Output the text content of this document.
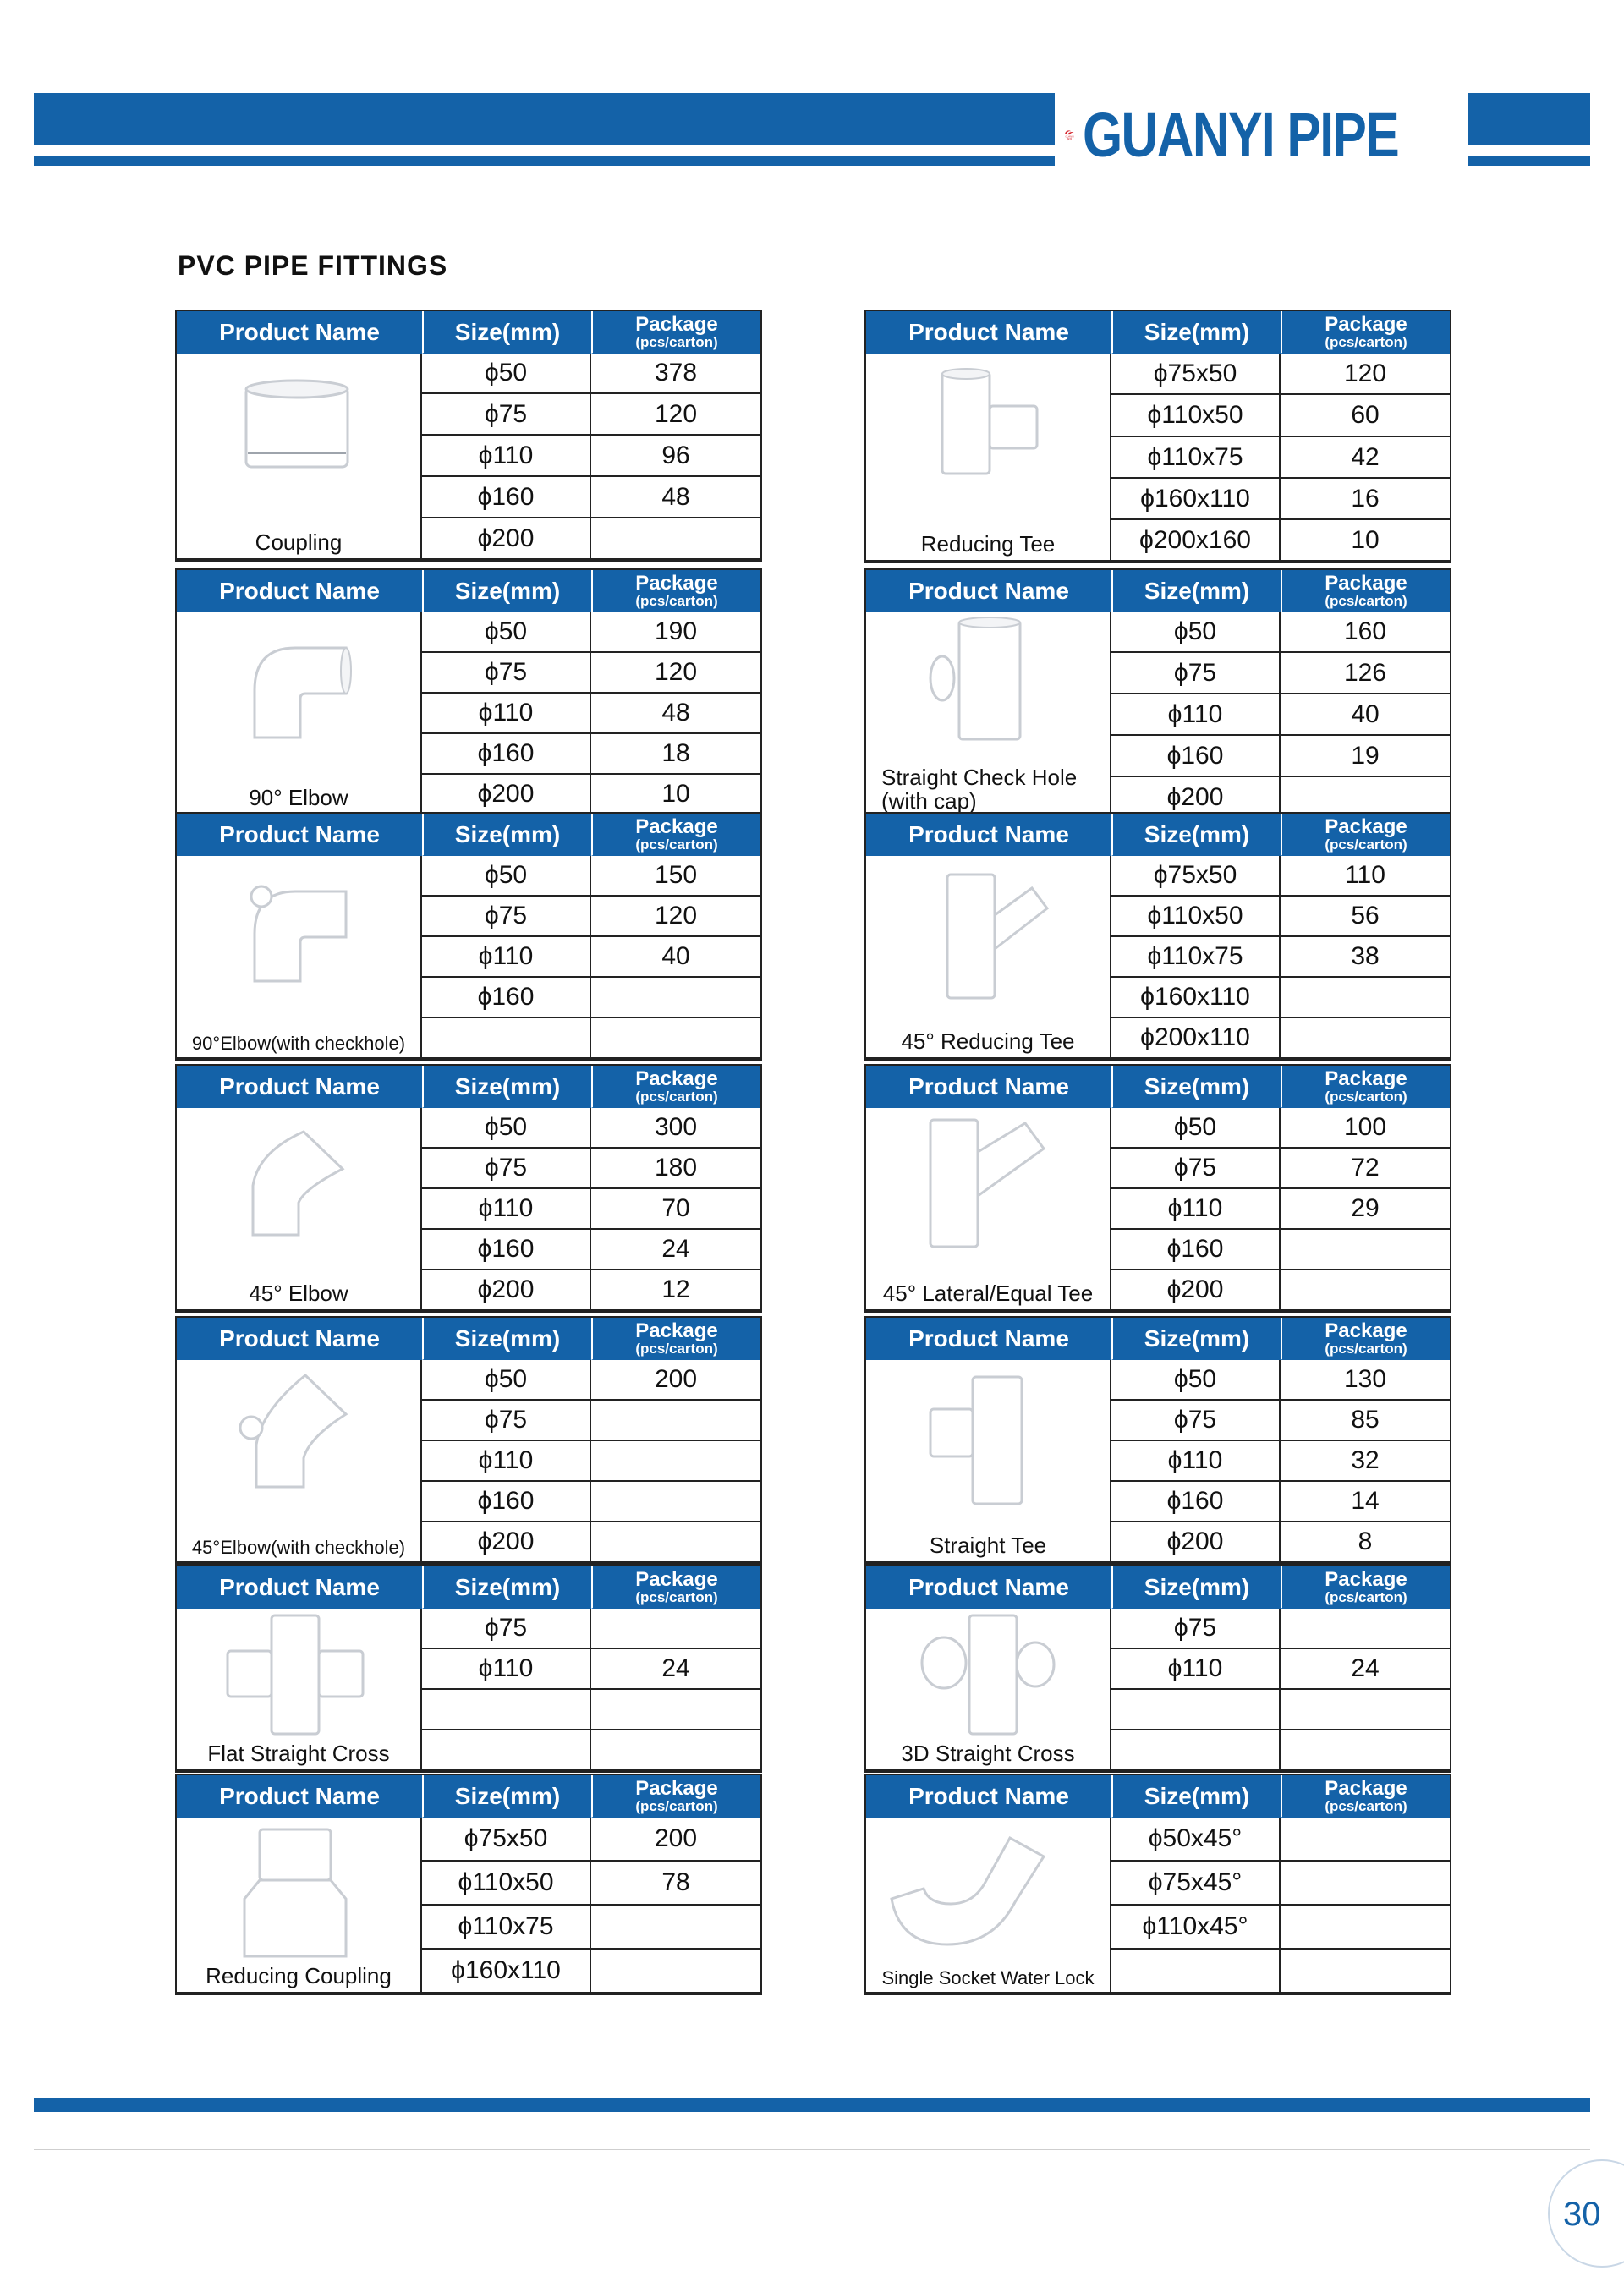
GUANYI
冠益 GUANYI PIPE
PVC PIPE FITTINGS
Product Name	Size(mm)	Package
(pcs/carton)
Coupling
ϕ50	378
ϕ75	120
ϕ110	96
ϕ160	48
ϕ200
Product Name	Size(mm)	Package
(pcs/carton)
Reducing Tee
ϕ75x50	120
ϕ110x50	60
ϕ110x75	42
ϕ160x110	16
ϕ200x160	10
Product Name	Size(mm)	Package
(pcs/carton)
90° Elbow
ϕ50	190
ϕ75	120
ϕ110	48
ϕ160	18
ϕ200	10
Product Name	Size(mm)	Package
(pcs/carton)
Straight Check Hole
(with cap)
ϕ50	160
ϕ75	126
ϕ110	40
ϕ160	19
ϕ200
Product Name	Size(mm)	Package
(pcs/carton)
90°Elbow(with checkhole)
ϕ50	150
ϕ75	120
ϕ110	40
ϕ160
Product Name	Size(mm)	Package
(pcs/carton)
45° Reducing Tee
ϕ75x50	110
ϕ110x50	56
ϕ110x75	38
ϕ160x110
ϕ200x110
Product Name	Size(mm)	Package
(pcs/carton)
45° Elbow
ϕ50	300
ϕ75	180
ϕ110	70
ϕ160	24
ϕ200	12
Product Name	Size(mm)	Package
(pcs/carton)
45° Lateral/Equal Tee
ϕ50	100
ϕ75	72
ϕ110	29
ϕ160
ϕ200
Product Name	Size(mm)	Package
(pcs/carton)
45°Elbow(with checkhole)
ϕ50	200
ϕ75
ϕ110
ϕ160
ϕ200
Product Name	Size(mm)	Package
(pcs/carton)
Straight Tee
ϕ50	130
ϕ75	85
ϕ110	32
ϕ160	14
ϕ200	8
Product Name	Size(mm)	Package
(pcs/carton)
Flat Straight Cross
ϕ75
ϕ110	24
Product Name	Size(mm)	Package
(pcs/carton)
3D Straight Cross
ϕ75
ϕ110	24
Product Name	Size(mm)	Package
(pcs/carton)
Reducing Coupling
ϕ75x50	200
ϕ110x50	78
ϕ110x75
ϕ160x110
Product Name	Size(mm)	Package
(pcs/carton)
Single Socket Water Lock
ϕ50x45°
ϕ75x45°
ϕ110x45°
30
